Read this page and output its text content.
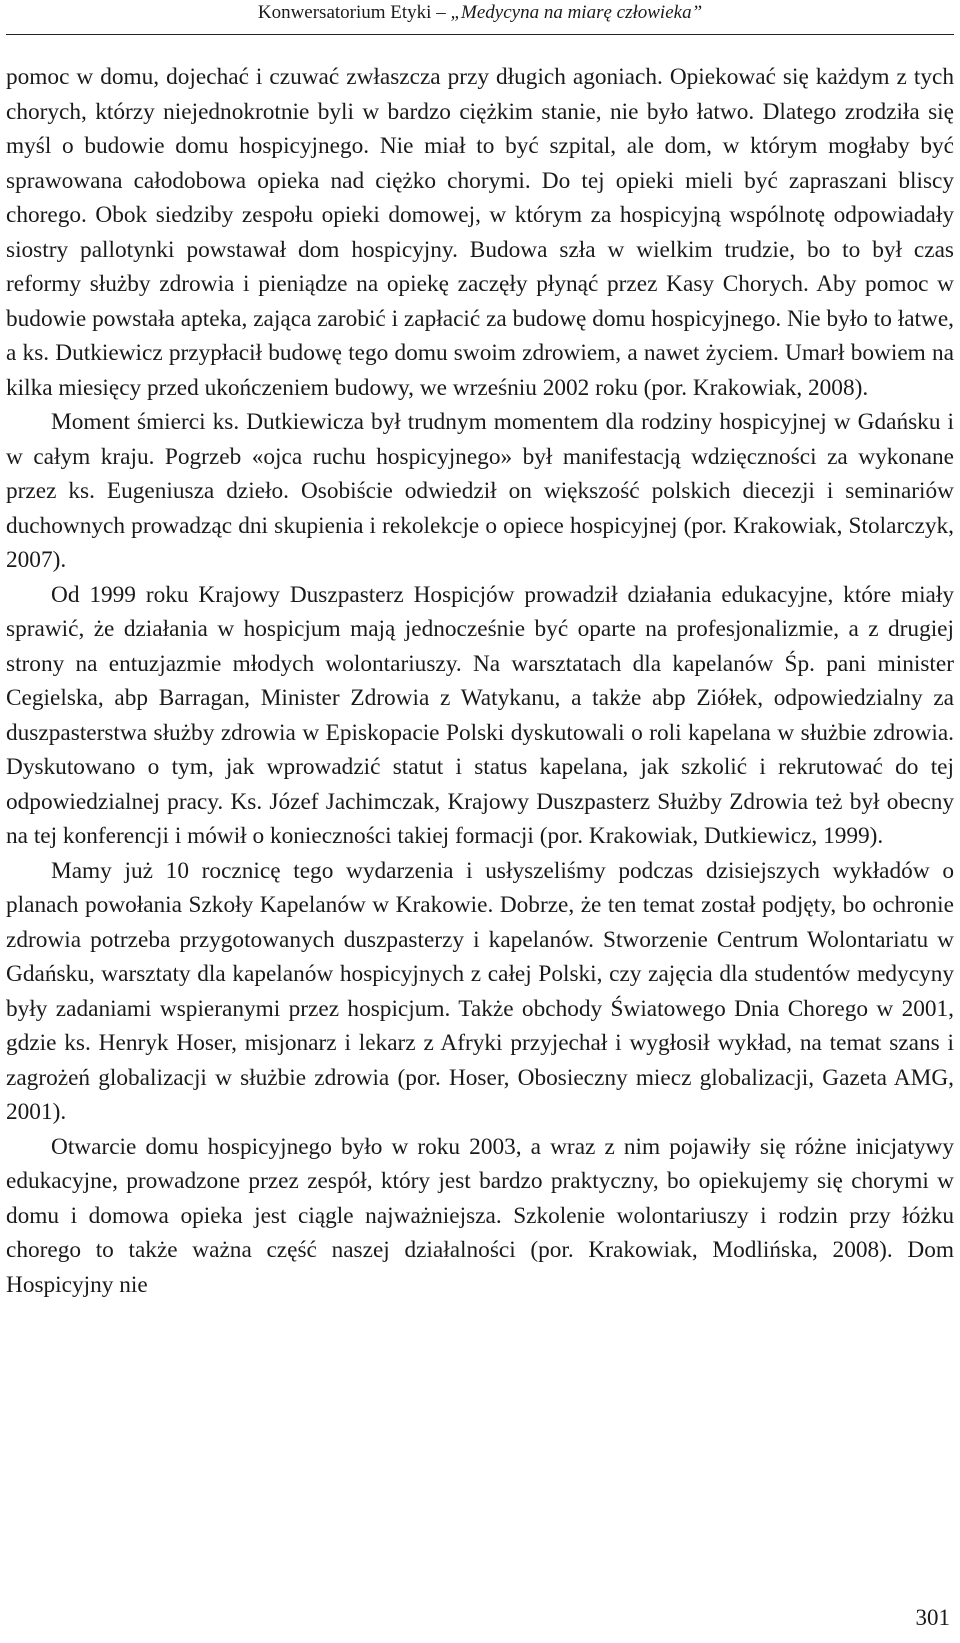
Konwersatorium Etyki – „Medycyna na miarę człowieka”

pomoc w domu, dojechać i czuwać zwłaszcza przy długich agoniach. Opiekować się każdym z tych chorych, którzy niejednokrotnie byli w bardzo ciężkim stanie, nie było łatwo. Dlatego zrodziła się myśl o budowie domu hospicyjnego. Nie miał to być szpital, ale dom, w którym mogłaby być sprawowana całodobowa opieka nad ciężko chorymi. Do tej opieki mieli być zapraszani bliscy chorego. Obok siedziby zespołu opieki domowej, w którym za hospicyjną wspólnotę odpowiadały siostry pallotynki powstawał dom hospicyjny. Budowa szła w wielkim trudzie, bo to był czas reformy służby zdrowia i pieniądze na opiekę zaczęły płynąć przez Kasy Chorych. Aby pomoc w budowie powstała apteka, zająca zarobić i zapłacić za budowę domu hospicyjnego. Nie było to łatwe, a ks. Dutkiewicz przypłacił budowę tego domu swoim zdrowiem, a nawet życiem. Umarł bowiem na kilka miesięcy przed ukończeniem budowy, we wrześniu 2002 roku (por. Krakowiak, 2008).

Moment śmierci ks. Dutkiewicza był trudnym momentem dla rodziny hospicyjnej w Gdańsku i w całym kraju. Pogrzeb «ojca ruchu hospicyjnego» był manifestacją wdzięczności za wykonane przez ks. Eugeniusza dzieło. Osobiście odwiedził on większość polskich diecezji i seminariów duchownych prowadząc dni skupienia i rekolekcje o opiece hospicyjnej (por. Krakowiak, Stolarczyk, 2007).

Od 1999 roku Krajowy Duszpasterz Hospicjów prowadził działania edukacyjne, które miały sprawić, że działania w hospicjum mają jednocześnie być oparte na profesjonalizmie, a z drugiej strony na entuzjazmie młodych wolontariuszy. Na warsztatach dla kapelanów Śp. pani minister Cegielska, abp Barragan, Minister Zdrowia z Watykanu, a także abp Ziółek, odpowiedzialny za duszpasterstwa służby zdrowia w Episkopacie Polski dyskutowali o roli kapelana w służbie zdrowia. Dyskutowano o tym, jak wprowadzić statut i status kapelana, jak szkolić i rekrutować do tej odpowiedzialnej pracy. Ks. Józef Jachimczak, Krajowy Duszpasterz Służby Zdrowia też był obecny na tej konferencji i mówił o konieczności takiej formacji (por. Krakowiak, Dutkiewicz, 1999).

Mamy już 10 rocznicę tego wydarzenia i usłyszeliśmy podczas dzisiejszych wykładów o planach powołania Szkoły Kapelanów w Krakowie. Dobrze, że ten temat został podjęty, bo ochronie zdrowia potrzeba przygotowanych duszpasterzy i kapelanów. Stworzenie Centrum Wolontariatu w Gdańsku, warsztaty dla kapelanów hospicyjnych z całej Polski, czy zajęcia dla studentów medycyny były zadaniami wspieranymi przez hospicjum. Także obchody Światowego Dnia Chorego w 2001, gdzie ks. Henryk Hoser, misjonarz i lekarz z Afryki przyjechał i wygłosił wykład, na temat szans i zagrożeń globalizacji w służbie zdrowia (por. Hoser, Obosieczny miecz globalizacji, Gazeta AMG, 2001).

Otwarcie domu hospicyjnego było w roku 2003, a wraz z nim pojawiły się różne inicjatywy edukacyjne, prowadzone przez zespół, który jest bardzo praktyczny, bo opiekujemy się chorymi w domu i domowa opieka jest ciągle najważniejsza. Szkolenie wolontariuszy i rodzin przy łóżku chorego to także ważna część naszej działalności (por. Krakowiak, Modlińska, 2008). Dom Hospicyjny nie

301
